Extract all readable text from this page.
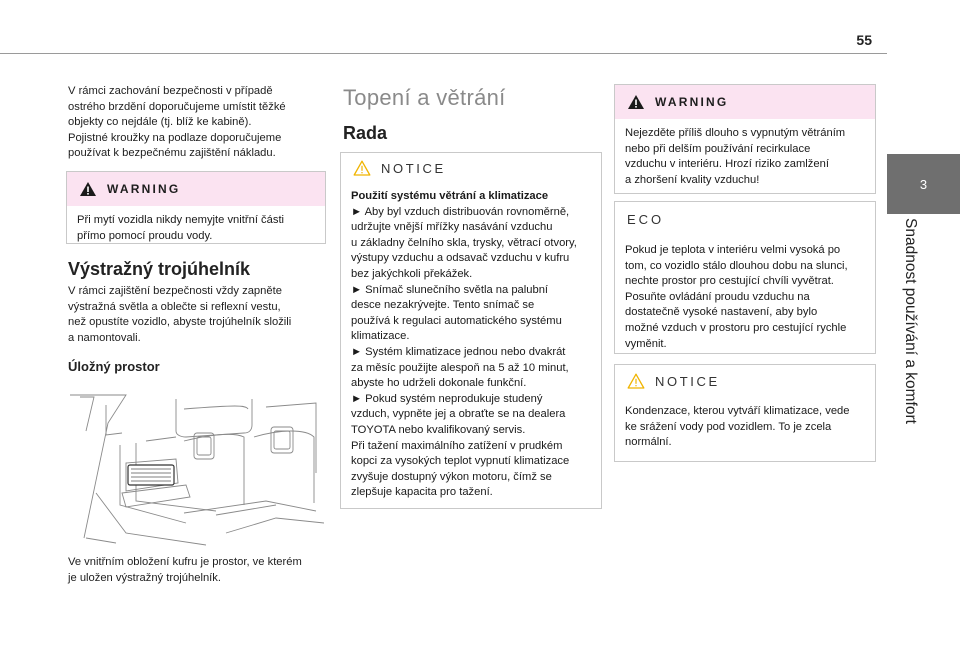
55
3
Snadnost používání a komfort

V rámci zachování bezpečnosti v případě

ostrého brzdění doporučujeme umístit těžké

objekty co nejdále (tj. blíž ke kabině).

Pojistné kroužky na podlaze doporučujeme

používat k bezpečnému zajištění nákladu.

WARNING

Při mytí vozidla nikdy nemyjte vnitřní části

přímo pomocí proudu vody.

Výstražný trojúhelník

V rámci zajištění bezpečnosti vždy zapněte

výstražná světla a oblečte si reflexní vestu,

než opustíte vozidlo, abyste trojúhelník složili

a namontovali.

Úložný prostor

Ve vnitřním obložení kufru je prostor, ve kterém

je uložen výstražný trojúhelník.

Topení a větrání
Rada
NOTICE

Použití systému větrání a klimatizace

► Aby byl vzduch distribuován rovnoměrně,

udržujte vnější mřížky nasávání vzduchu

u základny čelního skla, trysky, větrací otvory,

výstupy vzduchu a odsavač vzduchu v kufru

bez jakýchkoli překážek.

► Snímač slunečního světla na palubní

desce nezakrývejte. Tento snímač se

používá k regulaci automatického systému

klimatizace.

► Systém klimatizace jednou nebo dvakrát

za měsíc použijte alespoň na 5 až 10 minut,

abyste ho udrželi dokonale funkční.

► Pokud systém neprodukuje studený

vzduch, vypněte jej a obraťte se na dealera

TOYOTA nebo kvalifikovaný servis.

Při tažení maximálního zatížení v prudkém

kopci za vysokých teplot vypnutí klimatizace

zvyšuje dostupný výkon motoru, čímž se

zlepšuje kapacita pro tažení.

WARNING

Nejezděte příliš dlouho s vypnutým větráním

nebo při delším používání recirkulace

vzduchu v interiéru. Hrozí riziko zamlžení

a zhoršení kvality vzduchu!

ECO

Pokud je teplota v interiéru velmi vysoká po

tom, co vozidlo stálo dlouhou dobu na slunci,

nechte prostor pro cestující chvíli vyvětrat.

Posuňte ovládání proudu vzduchu na

dostatečně vysoké nastavení, aby bylo

možné vzduch v prostoru pro cestující rychle

vyměnit.

NOTICE

Kondenzace, kterou vytváří klimatizace, vede

ke srážení vody pod vozidlem. To je zcela

normální.
